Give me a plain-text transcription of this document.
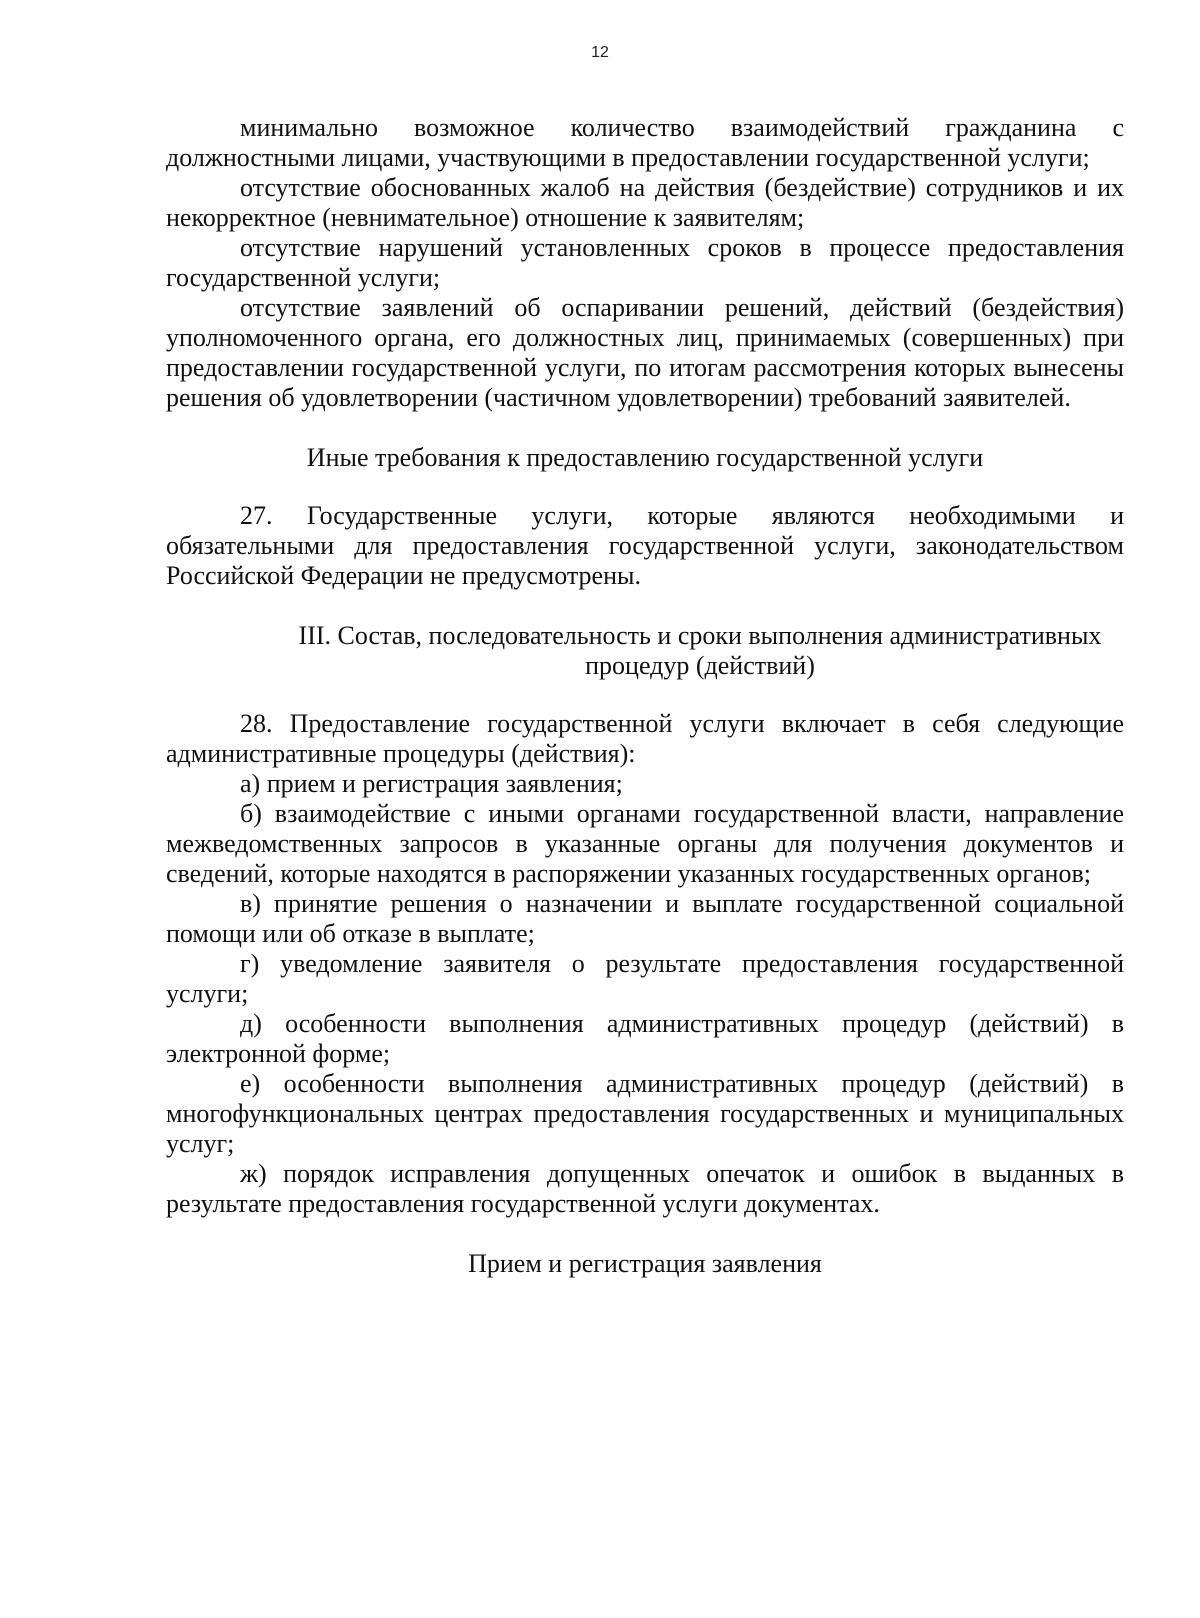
12

минимально возможное количество взаимодействий гражданина с должностными лицами, участвующими в предоставлении государственной услуги;

отсутствие обоснованных жалоб на действия (бездействие) сотрудников и их некорректное (невнимательное) отношение к заявителям;

отсутствие нарушений установленных сроков в процессе предоставления государственной услуги;

отсутствие заявлений об оспаривании решений, действий (бездействия) уполномоченного органа, его должностных лиц, принимаемых (совершенных) при предоставлении государственной услуги, по итогам рассмотрения которых вынесены решения об удовлетворении (частичном удовлетворении) требований заявителей.

Иные требования к предоставлению государственной услуги

27. Государственные услуги, которые являются необходимыми и обязательными для предоставления государственной услуги, законодательством Российской Федерации не предусмотрены.

III. Состав, последовательность и сроки выполнения административных процедур (действий)

28. Предоставление государственной услуги включает в себя следующие административные процедуры (действия):

а) прием и регистрация заявления;

б) взаимодействие с иными органами государственной власти, направление межведомственных запросов в указанные органы для получения документов и сведений, которые находятся в распоряжении указанных государственных органов;

в) принятие решения о назначении и выплате государственной социальной помощи или об отказе в выплате;

г) уведомление заявителя о результате предоставления государственной услуги;

д) особенности выполнения административных процедур (действий) в электронной форме;

е) особенности выполнения административных процедур (действий) в многофункциональных центрах предоставления государственных и муниципальных услуг;

ж) порядок исправления допущенных опечаток и ошибок в выданных в результате предоставления государственной услуги документах.

Прием и регистрация заявления
